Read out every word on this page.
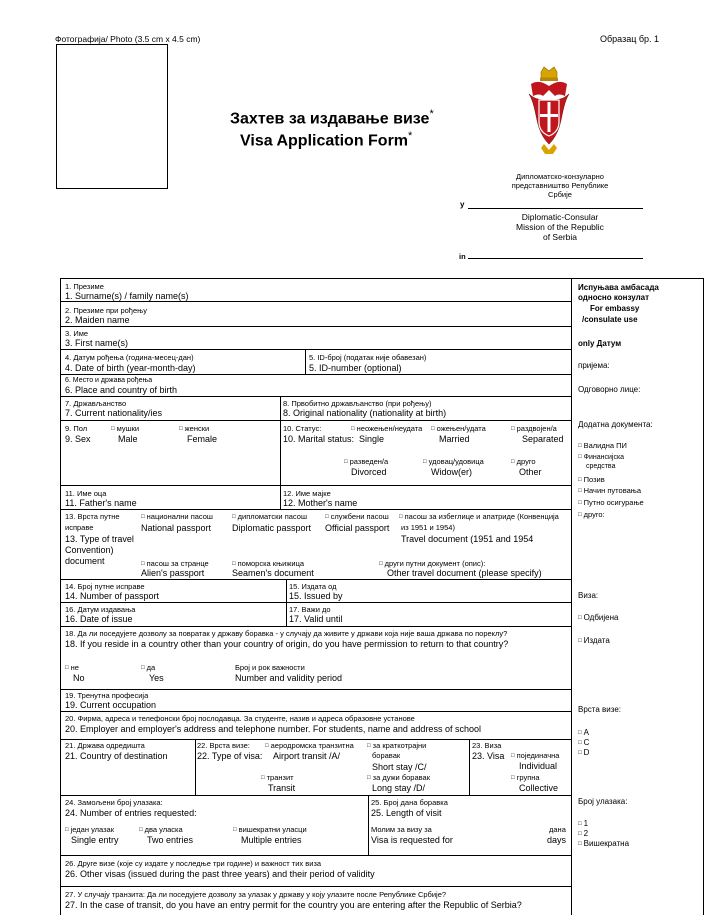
Фотографија/ Photo (3.5 cm x 4.5 cm)	Образац бр. 1
Захтев за издавање визе*
Visa Application Form*
Дипломатско-конзуларно
представништво Републике Србије
у
Diplomatic-Consular
Mission of the Republic
of Serbia
in
1. Презиме
1. Surname(s) / family name(s)
2. Презиме при рођењу
2. Maiden name
3. Име
3. First name(s)
4. Датум рођења (година-месец-дан)
4. Date of birth (year-month-day)
5. ID-број (податак није обавезан)
5. ID-number (optional)
6. Место и држава рођења
6. Place and country of birth
7. Држављанство
7. Current nationality/ies
8. Првобитно држављанство (при рођењу)
8. Original nationality (nationality at birth)
9. Пол
9. Sex
□ мушки
Male
□ женски
Female
10. Статус:
10. Marital status:
□ неожењен/неудата
Single
□ ожењен/удата
Married
□ раздвојен/а
Separated
□ разведен/а
Divorced
□ удовац/удовица
Widow(er)
□ друго
Other
11. Име оца
11. Father's name
12. Име мајке
12. Mother's name
13. Врста путне
исправе
□ национални пасош
National passport
□ дипломатски пасош
Diplomatic passport
□ службени пасош
Official passport
□ пасош за избеглице и апатриде (Конвенција
из 1951 и 1954)
13. Type of travel	Travel document (1951 and 1954
Convention)
document	□ пасош за странце
Alien's passport
□ поморска књижица
Seamen's document
□ други путни документ (опис):
Other travel document (please specify)
14. Број путне исправе
14. Number of passport
15. Издата од
15. Issued by
16. Датум издавања
16. Date of issue
17. Важи до
17. Valid until
18. Да ли поседујете дозволу за повратак у државу боравка - у случају да живите у држави која није ваша држава по пореклу?
18. If you reside in a country other than your country of origin, do you have permission to return to that country?
□ не
No
□ да
Yes
Број и рок важности
Number and validity period
19. Тренутна професија
19. Current occupation
20. Фирма, адреса и телефонски број послодавца. За студенте, назив и адреса образовне установе
20. Employer and employer's address and telephone number. For students, name and address of school
21. Држава одредишта
21. Country of destination
22. Врста визе:
22. Type of visa:
□ аеродромска транзитна
Airport transit /A/
□ за краткотрајни
боравак
Short stay /C/
□ транзит
Transit
□ за дужи боравак
Long stay /D/
23. Виза
23. Visa	□ појединачна
Individual
□ групна
Collective
24. Замољени број улазака:
24. Number of entries requested:
□ један улазак
Single entry
□ два уласка
Two entries
□ вишекратни уласци
Multiple entries
25. Број дана боравка
25. Length of visit
Молим за визу за
Visa is requested for
дана
days
26. Друге визе (које су издате у последње три године) и важност тих виза
26. Other visas (issued during the past three years) and their period of validity
27. У случају транзита: Да ли поседујете дозволу за улазак у државу у коју улазите после Републике Србије?
27. In the case of transit, do you have an entry permit for the country you are entering after the Republic of Serbia?
Испуњава амбасада
односно конзулат
For embassy
/consulate use
only Датум
пријема:
Одговорно лице:
Додатна документа:
□ Валидна ПИ
□ Финансијска
средства
□ Позив
□ Начин путовања
□ Путно осигурање
□ друго:
Виза:
□ Одбијена
□ Издата
Врста визе:
□ А
□ C
□ D
Број улазака:
□ 1
□ 2
□ Вишекратна
